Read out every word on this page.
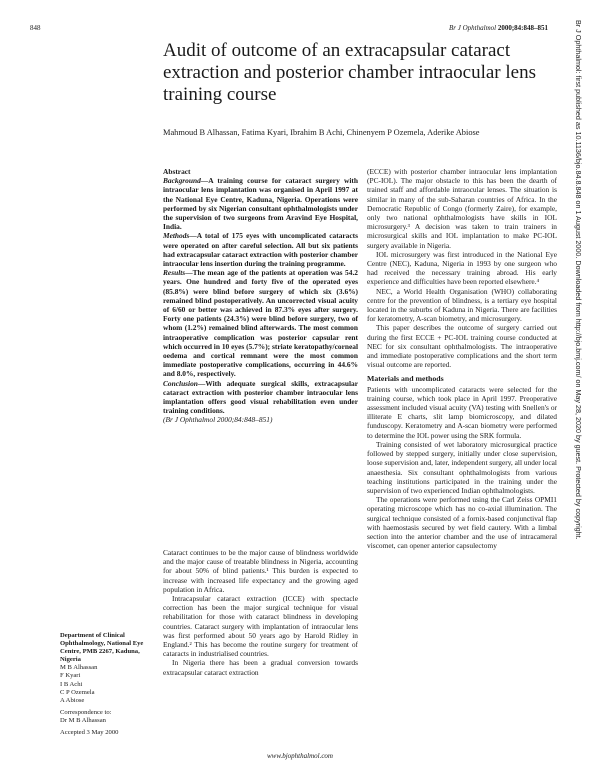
848	Br J Ophthalmol 2000;84:848–851
Audit of outcome of an extracapsular cataract extraction and posterior chamber intraocular lens training course
Mahmoud B Alhassan, Fatima Kyari, Ibrahim B Achi, Chinenyem P Ozemela, Aderike Abiose
Abstract

Background—A training course for cataract surgery with intraocular lens implantation was organised in April 1997 at the National Eye Centre, Kaduna, Nigeria. Operations were performed by six Nigerian consultant ophthalmologists under the supervision of two surgeons from Aravind Eye Hospital, India.

Methods—A total of 175 eyes with uncomplicated cataracts were operated on after careful selection. All but six patients had extracapsular cataract extraction with posterior chamber intraocular lens insertion during the training programme.

Results—The mean age of the patients at operation was 54.2 years. One hundred and forty five of the operated eyes (85.8%) were blind before surgery of which six (3.6%) remained blind postoperatively. An uncorrected visual acuity of 6/60 or better was achieved in 87.3% eyes after surgery. Forty one patients (24.3%) were blind before surgery, two of whom (1.2%) remained blind afterwards. The most common intraoperative complication was posterior capsular rent which occurred in 10 eyes (5.7%); striate keratopathy/corneal oedema and cortical remnant were the most common immediate postoperative complications, occurring in 44.6% and 8.0%, respectively.

Conclusion—With adequate surgical skills, extracapsular cataract extraction with posterior chamber intraocular lens implantation offers good visual rehabilitation even under training conditions.

(Br J Ophthalmol 2000;84:848–851)

Cataract continues to be the major cause of blindness worldwide and the major cause of treatable blindness in Nigeria, accounting for about 50% of blind patients.¹ This burden is expected to increase with increased life expectancy and the growing aged population in Africa.

Intracapsular cataract extraction (ICCE) with spectacle correction has been the major surgical technique for visual rehabilitation for those with cataract blindness in developing countries. Cataract surgery with implantation of intraocular lens was first performed about 50 years ago by Harold Ridley in England.² This has become the routine surgery for treatment of cataracts in industrialised countries.

In Nigeria there has been a gradual conversion towards extracapsular cataract extraction

(ECCE) with posterior chamber intraocular lens implantation (PC-IOL). The major obstacle to this has been the dearth of trained staff and affordable intraocular lenses. The situation is similar in many of the sub-Saharan countries of Africa. In the Democratic Republic of Congo (formerly Zaire), for example, only two national ophthalmologists have skills in IOL microsurgery.³ A decision was taken to train trainers in microsurgical skills and IOL implantation to make PC-IOL surgery available in Nigeria.

IOL microsurgery was first introduced in the National Eye Centre (NEC), Kaduna, Nigeria in 1993 by one surgeon who had received the necessary training abroad. His early experience and difficulties have been reported elsewhere.⁴

NEC, a World Health Organisation (WHO) collaborating centre for the prevention of blindness, is a tertiary eye hospital located in the suburbs of Kaduna in Nigeria. There are facilities for keratometry, A-scan biometry, and microsurgery.

This paper describes the outcome of surgery carried out during the first ECCE + PC-IOL training course conducted at NEC for six consultant ophthalmologists. The intraoperative and immediate postoperative complications and the short term visual outcome are reported.

Materials and methods

Patients with uncomplicated cataracts were selected for the training course, which took place in April 1997. Preoperative assessment included visual acuity (VA) testing with Snellen's or illiterate E charts, slit lamp biomicroscopy, and dilated funduscopy. Keratometry and A-scan biometry were performed to determine the IOL power using the SRK formula.

Training consisted of wet laboratory microsurgical practice followed by stepped surgery, initially under close supervision, loose supervision and, later, independent surgery, all under local anaesthesia. Six consultant ophthalmologists from various teaching institutions participated in the training under the supervision of two experienced Indian ophthalmologists.

The operations were performed using the Carl Zeiss OPMI1 operating microscope which has no co-axial illumination. The surgical technique consisted of a fornix-based conjunctival flap with haemostasis secured by wet field cautery. With a limbal section into the anterior chamber and the use of intracameral viscomet, can opener anterior capsulectomy

Department of Clinical Ophthalmology, National Eye Centre, PMB 2267, Kaduna, Nigeria
M B Alhassan
F Kyari
I B Achi
C P Ozemela
A Abiose
Correspondence to:
Dr M B Alhassan
Accepted 3 May 2000
Br J Ophthalmol: first published as 10.1136/bjo.84.8.848 on 1 August 2000. Downloaded from http://bjo.bmj.com/ on May 28, 2020 by guest. Protected by copyright.
www.bjophthalmol.com
